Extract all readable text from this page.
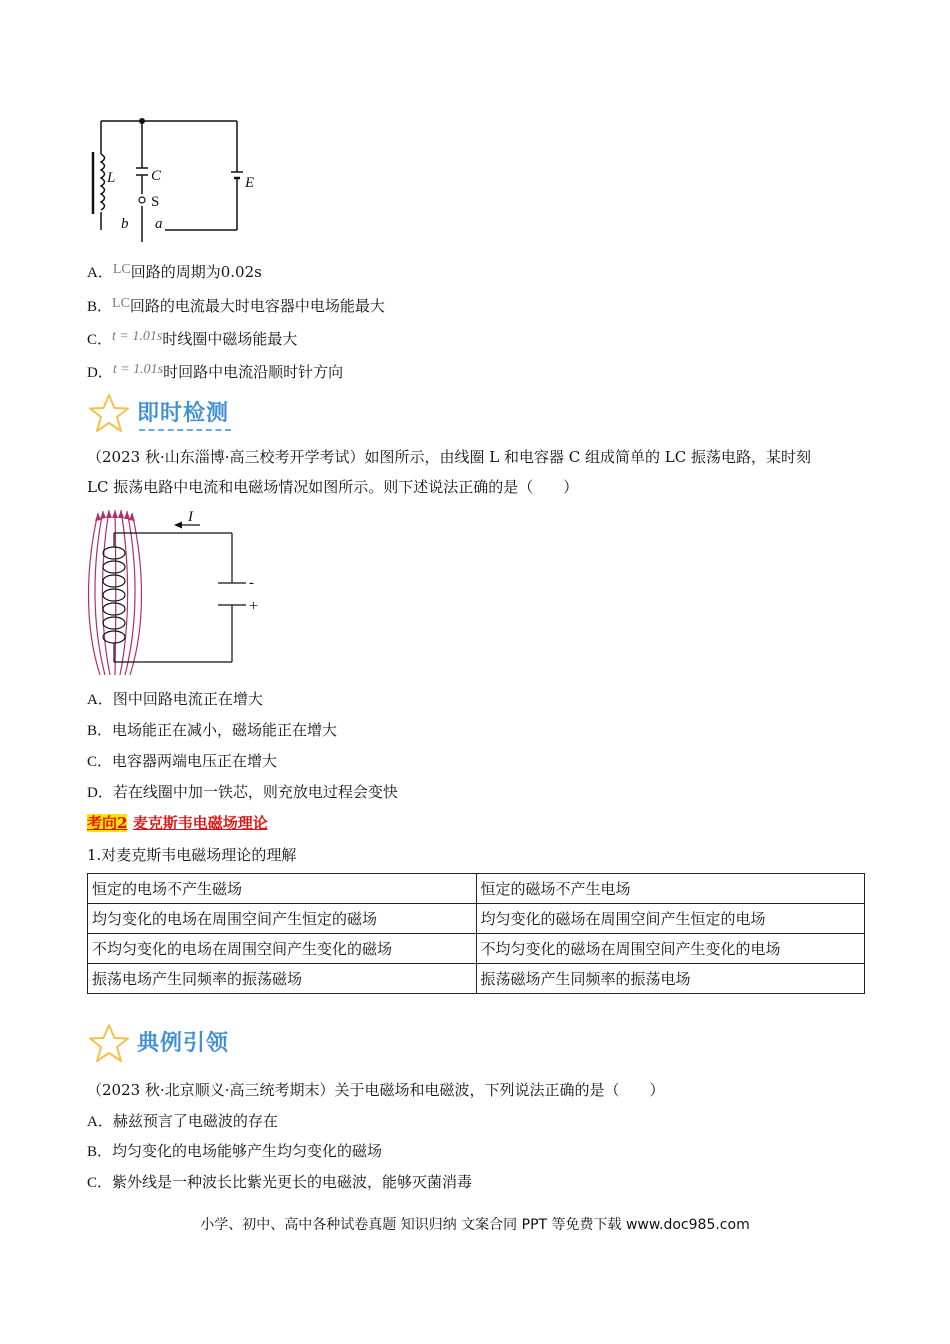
L C
S
E
b a
A．LC回路的周期为0.02s
B．LC回路的电流最大时电容器中电场能最大
C．t = 1.01s时线圈中磁场能最大
D．t = 1.01s时回路中电流沿顺时针方向
即时检测
（2023 秋·山东淄博·高三校考开学考试）如图所示，由线圈 L 和电容器 C 组成简单的 LC 振荡电路，某时刻
LC 振荡电路中电流和电磁场情况如图所示。则下述说法正确的是（　　）
I
-
+
A．图中回路电流正在增大
B．电场能正在减小，磁场能正在增大
C．电容器两端电压正在增大
D．若在线圈中加一铁芯，则充放电过程会变快
考向2 麦克斯韦电磁场理论
1.对麦克斯韦电磁场理论的理解
恒定的电场不产生磁场	恒定的磁场不产生电场
均匀变化的电场在周围空间产生恒定的磁场	均匀变化的磁场在周围空间产生恒定的电场
不均匀变化的电场在周围空间产生变化的磁场	不均匀变化的磁场在周围空间产生变化的电场
振荡电场产生同频率的振荡磁场	振荡磁场产生同频率的振荡电场
典例引领
（2023 秋·北京顺义·高三统考期末）关于电磁场和电磁波，下列说法正确的是（　　）
A．赫兹预言了电磁波的存在
B．均匀变化的电场能够产生均匀变化的磁场
C．紫外线是一种波长比紫光更长的电磁波，能够灭菌消毒
小学、初中、高中各种试卷真题 知识归纳 文案合同 PPT 等免费下载 www.doc985.com
